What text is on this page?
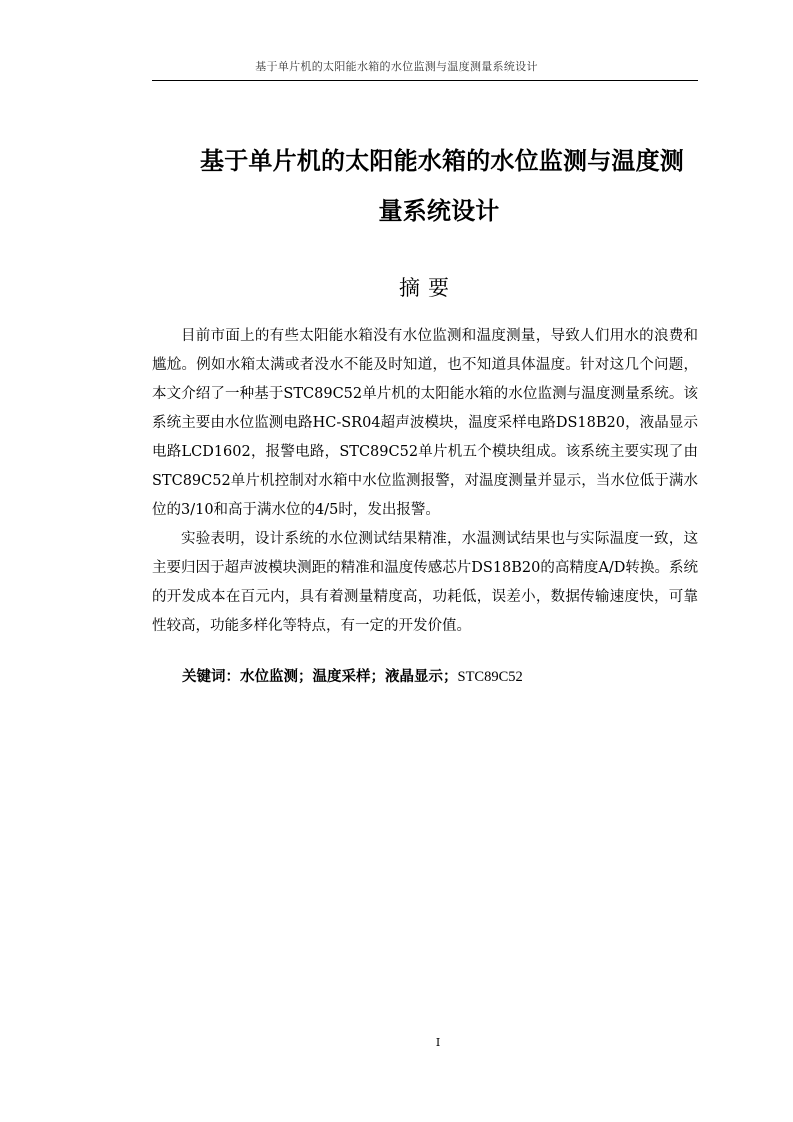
基于单片机的太阳能水箱的水位监测与温度测量系统设计
基于单片机的太阳能水箱的水位监测与温度测
量系统设计
摘要

目前市面上的有些太阳能水箱没有水位监测和温度测量，导致人们用水的浪费和尴尬。例如水箱太满或者没水不能及时知道，也不知道具体温度。针对这几个问题，本文介绍了一种基于STC89C52单片机的太阳能水箱的水位监测与温度测量系统。该系统主要由水位监测电路HC-SR04超声波模块，温度采样电路DS18B20，液晶显示电路LCD1602，报警电路，STC89C52单片机五个模块组成。该系统主要实现了由STC89C52单片机控制对水箱中水位监测报警，对温度测量并显示，当水位低于满水位的3/10和高于满水位的4/5时，发出报警。

实验表明，设计系统的水位测试结果精准，水温测试结果也与实际温度一致，这主要归因于超声波模块测距的精准和温度传感芯片DS18B20的高精度A/D转换。系统的开发成本在百元内，具有着测量精度高，功耗低，误差小，数据传输速度快，可靠性较高，功能多样化等特点，有一定的开发价值。

关键词：水位监测；温度采样；液晶显示；STC89C52
I
